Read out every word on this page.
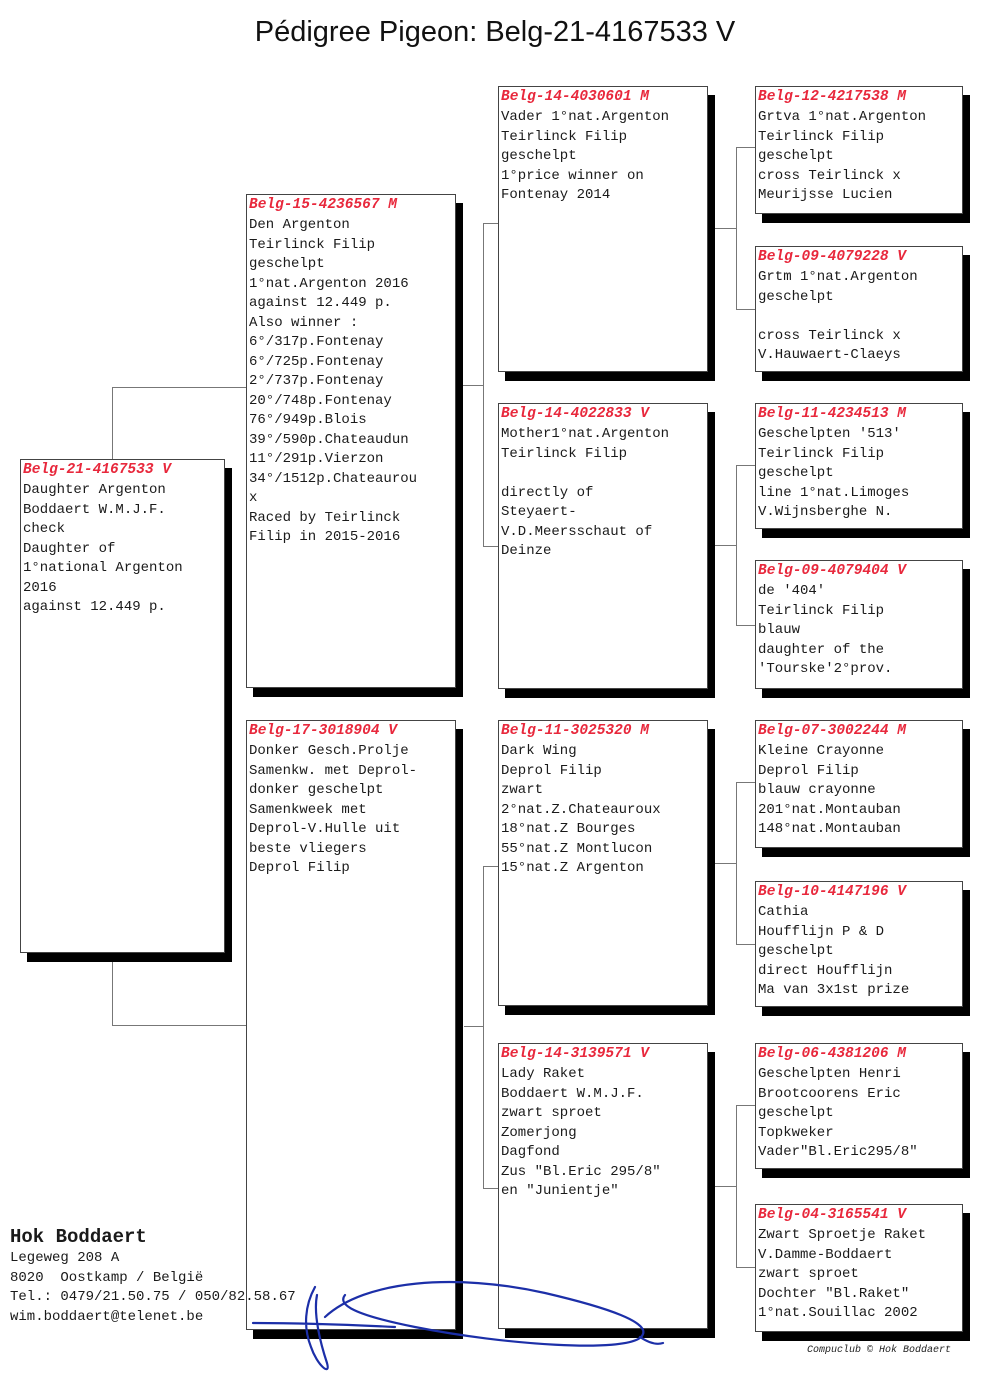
Pédigree Pigeon: Belg-21-4167533 V
Belg-21-4167533 V
Daughter Argenton
Boddaert W.M.J.F.
check
Daughter of
1°national Argenton
2016
against 12.449 p.
Belg-15-4236567 M
Den Argenton
Teirlinck Filip
geschelpt
1°nat.Argenton 2016
against 12.449 p.
Also winner :
6°/317p.Fontenay
6°/725p.Fontenay
2°/737p.Fontenay
20°/748p.Fontenay
76°/949p.Blois
39°/590p.Chateaudun
11°/291p.Vierzon
34°/1512p.Chateaurou
x
Raced by Teirlinck
Filip in 2015-2016
Belg-17-3018904 V
Donker Gesch.Prolje
Samenkw. met Deprol-
donker geschelpt
Samenkweek met
Deprol-V.Hulle uit
beste vliegers
Deprol Filip
Belg-14-4030601 M
Vader 1°nat.Argenton
Teirlinck Filip
geschelpt
1°price winner on
Fontenay 2014
Belg-14-4022833 V
Mother1°nat.Argenton
Teirlinck Filip
directly of
Steyaert-
V.D.Meersschaut of
Deinze
Belg-11-3025320 M
Dark Wing
Deprol Filip
zwart
2°nat.Z.Chateauroux
18°nat.Z Bourges
55°nat.Z Montlucon
15°nat.Z Argenton
Belg-14-3139571 V
Lady Raket
Boddaert W.M.J.F.
zwart sproet
Zomerjong
Dagfond
Zus "Bl.Eric 295/8"
en "Junientje"
Belg-12-4217538 M
Grtva 1°nat.Argenton
Teirlinck Filip
geschelpt
cross Teirlinck x
Meurijsse Lucien
Belg-09-4079228 V
Grtm 1°nat.Argenton
geschelpt
cross Teirlinck x
V.Hauwaert-Claeys
Belg-11-4234513 M
Geschelpten '513'
Teirlinck Filip
geschelpt
line 1°nat.Limoges
V.Wijnsberghe N.
Belg-09-4079404 V
de '404'
Teirlinck Filip
blauw
daughter of the
'Tourske'2°prov.
Belg-07-3002244 M
Kleine Crayonne
Deprol Filip
blauw crayonne
201°nat.Montauban
148°nat.Montauban
Belg-10-4147196 V
Cathia
Houfflijn P & D
geschelpt
direct Houfflijn
Ma van 3x1st prize
Belg-06-4381206 M
Geschelpten Henri
Brootcoorens Eric
geschelpt
Topkweker
Vader"Bl.Eric295/8"
Belg-04-3165541 V
Zwart Sproetje Raket
V.Damme-Boddaert
zwart sproet
Dochter "Bl.Raket"
1°nat.Souillac 2002
Hok Boddaert
Legeweg 208 A
8020  Oostkamp / België
Tel.: 0479/21.50.75 / 050/82.58.67
wim.boddaert@telenet.be
Compuclub © Hok Boddaert
